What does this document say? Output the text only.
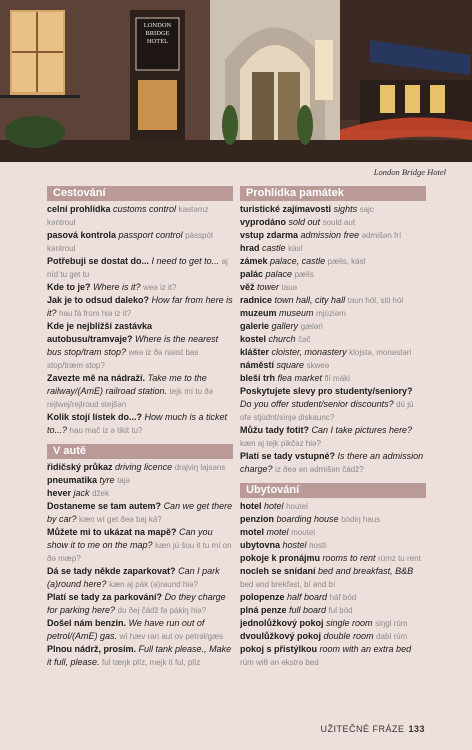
LONDON
BRIDGE
HOTEL
London Bridge Hotel
Cestování

celní prohlídka customs control kastəmz kəntroul

pasová kontrola passport control pásspót kəntroul

Potřebuji se dostat do... I need to get to... aj níd tu get tu

Kde to je? Where is it? weə iz it?

Jak je to odsud daleko? How far from here is it? hau fá from hiə iz it?

Kde je nejbližší zastávka autobusu/tramvaje? Where is the nearest bus stop/tram stop? weə iz ðə niəist bas stop/træm stop?

Zavezte mě na nádraží. Take me to the railway/(AmE) railroad station. tejk mí tu ðə rejlwej/rejlroud stejšən

Kolik stojí lístek do...? How much is a ticket to...? hau mač iz ə tikit tu?

V autě

řidičský průkaz driving licence drajviŋ lajsəns

pneumatika tyre tajə

hever jack džek

Dostaneme se tam autem? Can we get there by car? kæn wí get ðeə baj ká?

Můžete mi to ukázat na mapě? Can you show it to me on the map? kæn jú šou it tu mí on ðə mæp?

Dá se tady někde zaparkovat? Can I park (a)round here? kæn aj pák (ə)raund hiə?

Platí se tady za parkování? Do they charge for parking here? du ðej čádž fə pákiŋ hiə?

Došel nám benzin. We have run out of petrol/(AmE) gas. wí hæv ran aut ov petrəl/gæs

Plnou nádrž, prosím. Full tank please., Make it full, please. ful tæŋk plíz, mejk it ful, plíz

Prohlídka památek

turistické zajímavosti sights sajc

vyprodáno sold out sould aut

vstup zdarma admission free ədmišən frí

hrad castle kásl

zámek palace, castle pælis, kásl

palác palace pælis

věž tower tauə

radnice town hall, city hall taun hól, siti hól

muzeum museum mjúziəm

galerie gallery gæləri

kostel church čəč

klášter cloister, monastery klojstə, monəstəri

náměstí square skweə

bleší trh flea market flí máki

Poskytujete slevy pro studenty/seniory? Do you offer student/senior discounts? dú jú ofə stjúdnt/sínjə diskaunc?

Můžu tady fotit? Can I take pictures here? kæn aj tejk pikčəz hiə?

Platí se tady vstupné? Is there an admission charge? iz ðeə ən ədmišən čádž?

Ubytování

hotel hotel houtel

penzion boarding house bódiŋ haus

motel motel moutel

ubytovna hostel hostl

pokoje k pronájmu rooms to rent rúmz tu rent

nocleh se snídaní bed and breakfast, B&B bed ənd brekfəst, bí ənd bí

polopenze half board háf bód

plná penze full board ful bód

jednolůžkový pokoj single room siŋgl rúm

dvoulůžkový pokoj double room dabl rúm

pokoj s přistýlkou room with an extra bed rúm wiθ ən ekstrə bed

UŽITEČNÉ FRÁZE 133
